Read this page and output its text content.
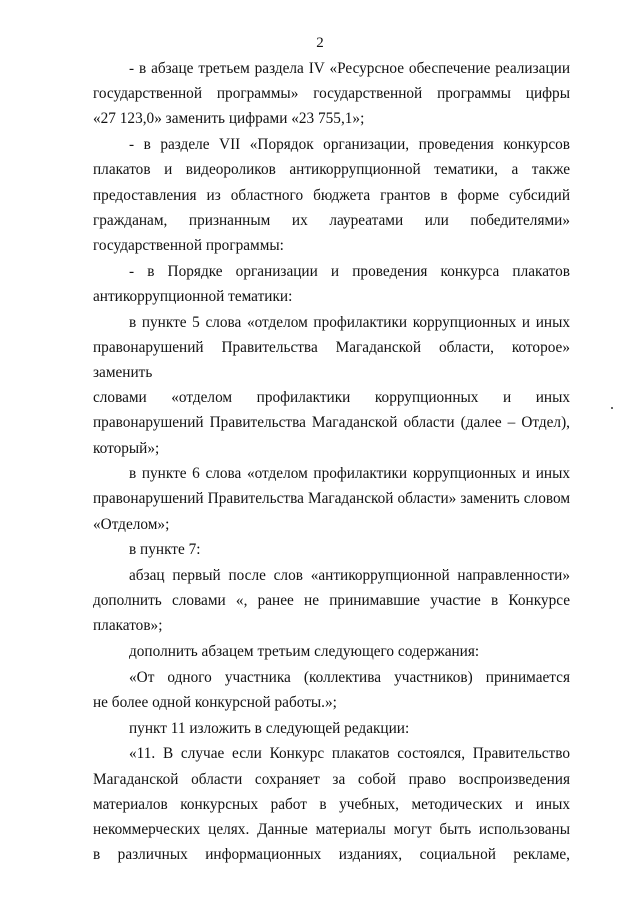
2
- в абзаце третьем раздела IV «Ресурсное обеспечение реализации
государственной программы» государственной программы цифры
«27 123,0» заменить цифрами «23 755,1»;
- в разделе VII «Порядок организации, проведения конкурсов
плакатов и видеороликов антикоррупционной тематики, а также
предоставления из областного бюджета грантов в форме субсидий
гражданам, признанным их лауреатами или победителями»
государственной программы:
- в Порядке организации и проведения конкурса плакатов
антикоррупционной тематики:
в пункте 5 слова «отделом профилактики коррупционных и иных
правонарушений Правительства Магаданской области, которое» заменить
словами «отделом профилактики коррупционных и иных
правонарушений Правительства Магаданской области (далее – Отдел),
который»;
в пункте 6 слова «отделом профилактики коррупционных и иных
правонарушений Правительства Магаданской области» заменить словом
«Отделом»;
в пункте 7:
абзац первый после слов «антикоррупционной направленности»
дополнить словами «, ранее не принимавшие участие в Конкурсе
плакатов»;
дополнить абзацем третьим следующего содержания:
«От одного участника (коллектива участников) принимается
не более одной конкурсной работы.»;
пункт 11 изложить в следующей редакции:
«11. В случае если Конкурс плакатов состоялся, Правительство
Магаданской области сохраняет за собой право воспроизведения
материалов конкурсных работ в учебных, методических и иных
некоммерческих целях. Данные материалы могут быть использованы
в различных информационных изданиях, социальной рекламе,
